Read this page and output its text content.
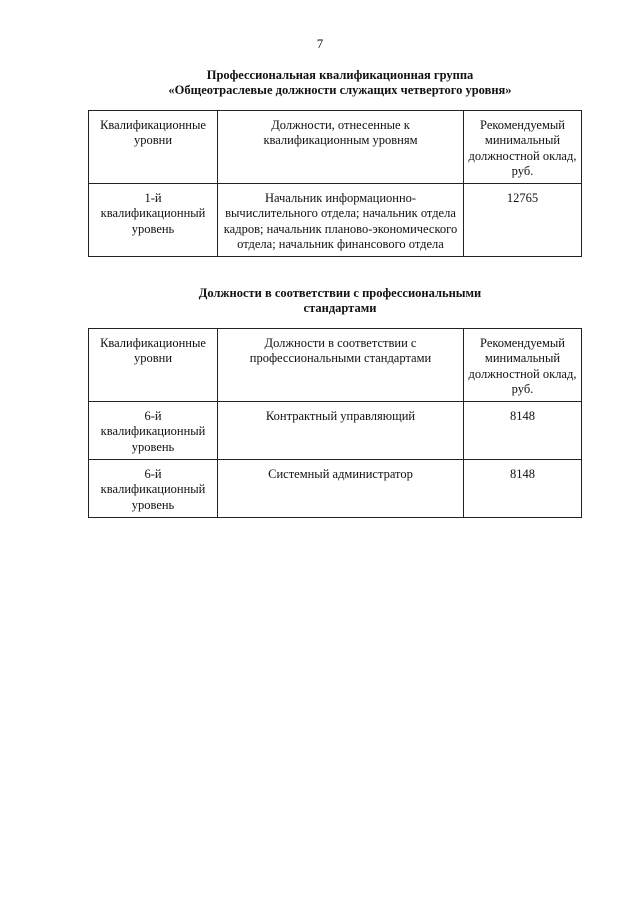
7
Профессиональная квалификационная группа
«Общеотраслевые должности служащих четвертого уровня»
Квалификационные уровни	Должности, отнесенные к квалификационным уровням	Рекомендуемый минимальный должностной оклад, руб.
1-й квалификационный уровень	Начальник информационно-вычислительного отдела; начальник отдела кадров; начальник планово-экономического отдела; начальник финансового отдела	12765
Должности в соответствии с профессиональными
стандартами
Квалификационные уровни	Должности в соответствии с профессиональными стандартами	Рекомендуемый минимальный должностной оклад, руб.
6-й квалификационный уровень	Контрактный управляющий	8148
6-й квалификационный уровень	Системный администратор	8148
